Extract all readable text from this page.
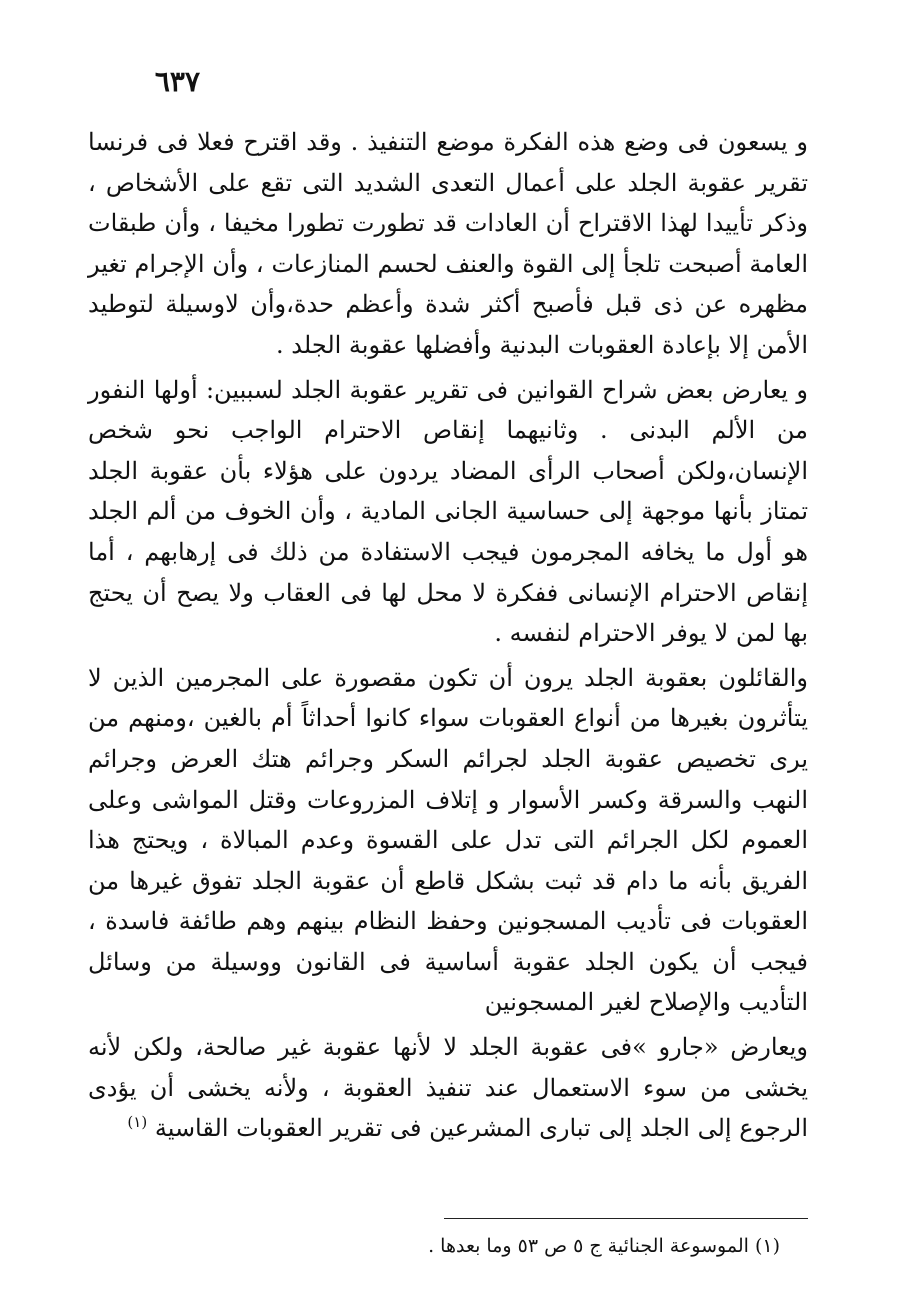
٦٣٧

و يسعون فى وضع هذه الفكرة موضع التنفيذ . وقد اقترح فعلا فى فرنسا تقرير عقوبة الجلد على أعمال التعدى الشديد التى تقع على الأشخاص ، وذكر تأييدا لهذا الاقتراح أن العادات قد تطورت تطورا مخيفا ، وأن طبقات العامة أصبحت تلجأ إلى القوة والعنف لحسم المنازعات ، وأن الإجرام تغير مظهره عن ذى قبل فأصبح أكثر شدة وأعظم حدة،وأن لاوسيلة لتوطيد الأمن إلا بإعادة العقوبات البدنية وأفضلها عقوبة الجلد .

و يعارض بعض شراح القوانين فى تقرير عقوبة الجلد لسببين: أولها النفور من الألم البدنى . وثانيهما إنقاص الاحترام الواجب نحو شخص الإنسان،ولكن أصحاب الرأى المضاد يردون على هؤلاء بأن عقوبة الجلد تمتاز بأنها موجهة إلى حساسية الجانى المادية ، وأن الخوف من ألم الجلد هو أول ما يخافه المجرمون فيجب الاستفادة من ذلك فى إرهابهم ، أما إنقاص الاحترام الإنسانى ففكرة لا محل لها فى العقاب ولا يصح أن يحتج بها لمن لا يوفر الاحترام لنفسه .

والقائلون بعقوبة الجلد يرون أن تكون مقصورة على المجرمين الذين لا يتأثرون بغيرها من أنواع العقوبات سواء كانوا أحداثاً أم بالغين ،ومنهم من يرى تخصيص عقوبة الجلد لجرائم السكر وجرائم هتك العرض وجرائم النهب والسرقة وكسر الأسوار و إتلاف المزروعات وقتل المواشى وعلى العموم لكل الجرائم التى تدل على القسوة وعدم المبالاة ، ويحتج هذا الفريق بأنه ما دام قد ثبت بشكل قاطع أن عقوبة الجلد تفوق غيرها من العقوبات فى تأديب المسجونين وحفظ النظام بينهم وهم طائفة فاسدة ، فيجب أن يكون الجلد عقوبة أساسية فى القانون ووسيلة من وسائل التأديب والإصلاح لغير المسجونين

ويعارض «جارو »فى عقوبة الجلد لا لأنها عقوبة غير صالحة، ولكن لأنه يخشى من سوء الاستعمال عند تنفيذ العقوبة ، ولأنه يخشى أن يؤدى الرجوع إلى الجلد إلى تبارى المشرعين فى تقرير العقوبات القاسية $^{(١)}$

(١) الموسوعة الجنائية ج ٥ ص ٥٣ وما بعدها .
